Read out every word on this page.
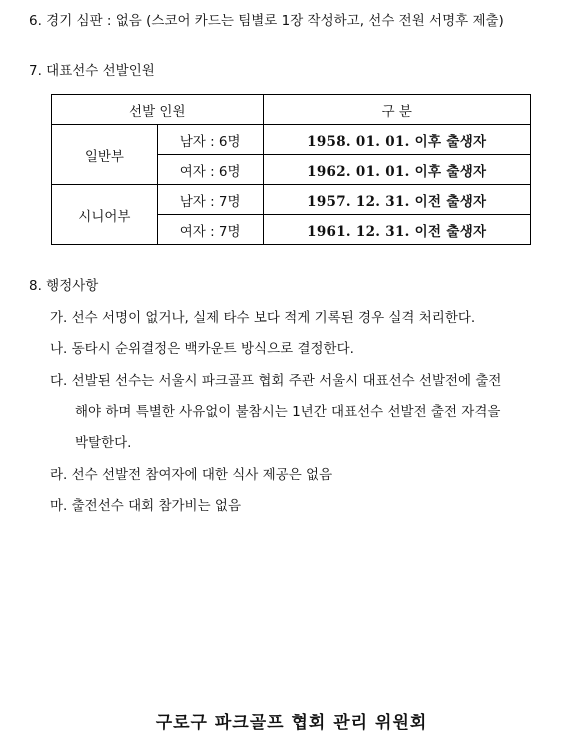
6. 경기 심판 : 없음 (스코어 카드는 팀별로 1장 작성하고, 선수 전원 서명후 제출)
7. 대표선수 선발인원
선발 인원		구 분
일반부	남자 : 6명	1958. 01. 01. 이후 출생자
	여자 : 6명	1962. 01. 01. 이후 출생자
시니어부	남자 : 7명	1957. 12. 31. 이전 출생자
	여자 : 7명	1961. 12. 31. 이전 출생자
8. 행정사항
가. 선수 서명이 없거나, 실제 타수 보다 적게 기록된 경우 실격 처리한다.
나. 동타시 순위결정은 백카운트 방식으로 결정한다.
다. 선발된 선수는 서울시 파크골프 협회 주관 서울시 대표선수 선발전에 출전
해야 하며 특별한 사유없이 불참시는 1년간 대표선수 선발전 출전 자격을
박탈한다.
라. 선수 선발전 참여자에 대한 식사 제공은 없음
마. 출전선수 대회 참가비는 없음
구로구 파크골프 협회 관리 위원회
